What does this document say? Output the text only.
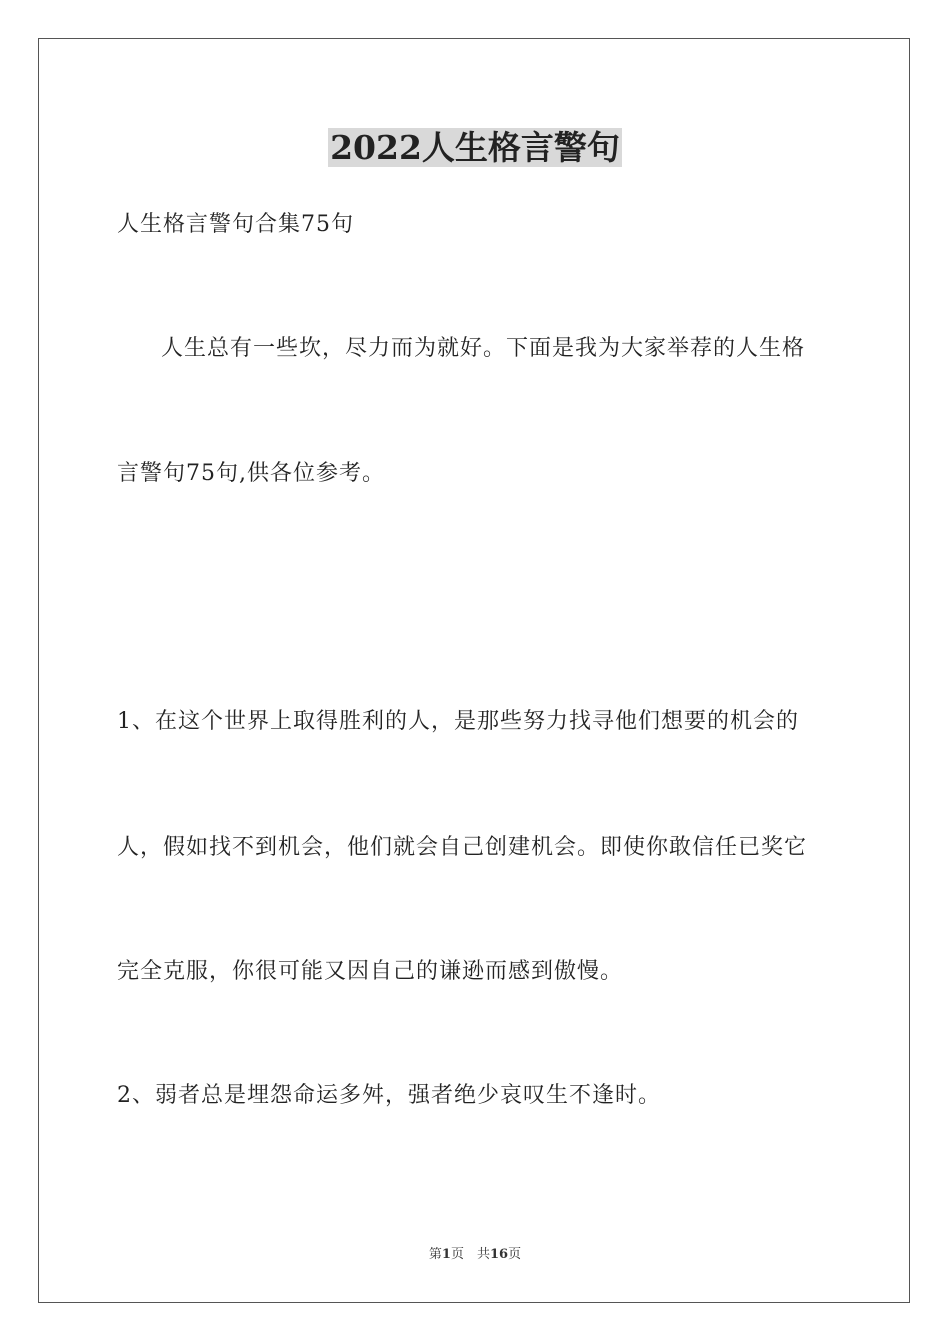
2022人生格言警句
人生格言警句合集75句
人生总有一些坎，尽力而为就好。下面是我为大家举荐的人生格
言警句75句,供各位参考。
1、在这个世界上取得胜利的人，是那些努力找寻他们想要的机会的
人，假如找不到机会，他们就会自己创建机会。即使你敢信任已奖它
完全克服，你很可能又因自己的谦逊而感到傲慢。
2、弱者总是埋怨命运多舛，强者绝少哀叹生不逢时。
第1页　共16页
